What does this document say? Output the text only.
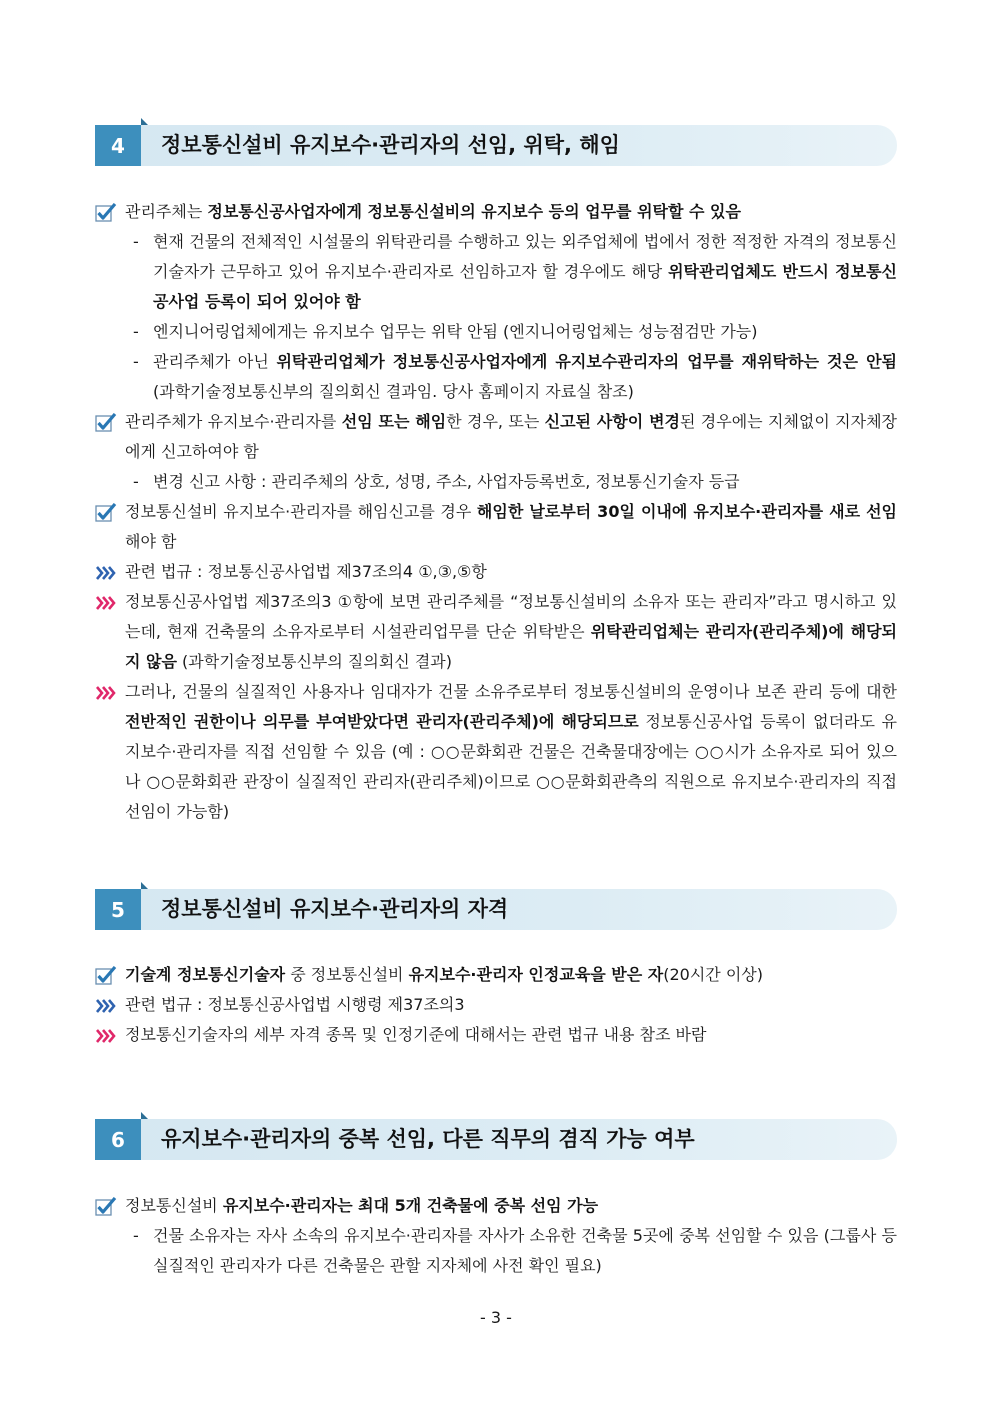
4	정보통신설비 유지보수·관리자의 선임, 위탁, 해임
관리주체는 정보통신공사업자에게 정보통신설비의 유지보수 등의 업무를 위탁할 수 있음
- 현재 건물의 전체적인 시설물의 위탁관리를 수행하고 있는 외주업체에 법에서 정한 적정한 자격의 정보통신기술자가 근무하고 있어 유지보수·관리자로 선임하고자 할 경우에도 해당 위탁관리업체도 반드시 정보통신공사업 등록이 되어 있어야 함
- 엔지니어링업체에게는 유지보수 업무는 위탁 안됨 (엔지니어링업체는 성능점검만 가능)
- 관리주체가 아닌 위탁관리업체가 정보통신공사업자에게 유지보수관리자의 업무를 재위탁하는 것은 안됨 (과학기술정보통신부의 질의회신 결과임. 당사 홈페이지 자료실 참조)
관리주체가 유지보수·관리자를 선임 또는 해임한 경우, 또는 신고된 사항이 변경된 경우에는 지체없이 지자체장에게 신고하여야 함
- 변경 신고 사항 : 관리주체의 상호, 성명, 주소, 사업자등록번호, 정보통신기술자 등급
정보통신설비 유지보수·관리자를 해임신고를 경우 해임한 날로부터 30일 이내에 유지보수·관리자를 새로 선임해야 함
관련 법규 : 정보통신공사업법 제37조의4 ①,③,⑤항
정보통신공사업법 제37조의3 ①항에 보면 관리주체를 “정보통신설비의 소유자 또는 관리자”라고 명시하고 있는데, 현재 건축물의 소유자로부터 시설관리업무를 단순 위탁받은 위탁관리업체는 관리자(관리주체)에 해당되지 않음 (과학기술정보통신부의 질의회신 결과)
그러나, 건물의 실질적인 사용자나 임대자가 건물 소유주로부터 정보통신설비의 운영이나 보존 관리 등에 대한 전반적인 권한이나 의무를 부여받았다면 관리자(관리주체)에 해당되므로 정보통신공사업 등록이 없더라도 유지보수·관리자를 직접 선임할 수 있음 (예 : ○○문화회관 건물은 건축물대장에는 ○○시가 소유자로 되어 있으나 ○○문화회관 관장이 실질적인 관리자(관리주체)이므로 ○○문화회관측의 직원으로 유지보수·관리자의 직접 선임이 가능함)
5	정보통신설비 유지보수·관리자의 자격
기술계 정보통신기술자 중 정보통신설비 유지보수·관리자 인정교육을 받은 자(20시간 이상)
관련 법규 : 정보통신공사업법 시행령 제37조의3
정보통신기술자의 세부 자격 종목 및 인정기준에 대해서는 관련 법규 내용 참조 바람
6	유지보수·관리자의 중복 선임, 다른 직무의 겸직 가능 여부
정보통신설비 유지보수·관리자는 최대 5개 건축물에 중복 선임 가능
- 건물 소유자는 자사 소속의 유지보수·관리자를 자사가 소유한 건축물 5곳에 중복 선임할 수 있음 (그룹사 등 실질적인 관리자가 다른 건축물은 관할 지자체에 사전 확인 필요)
- 3 -
